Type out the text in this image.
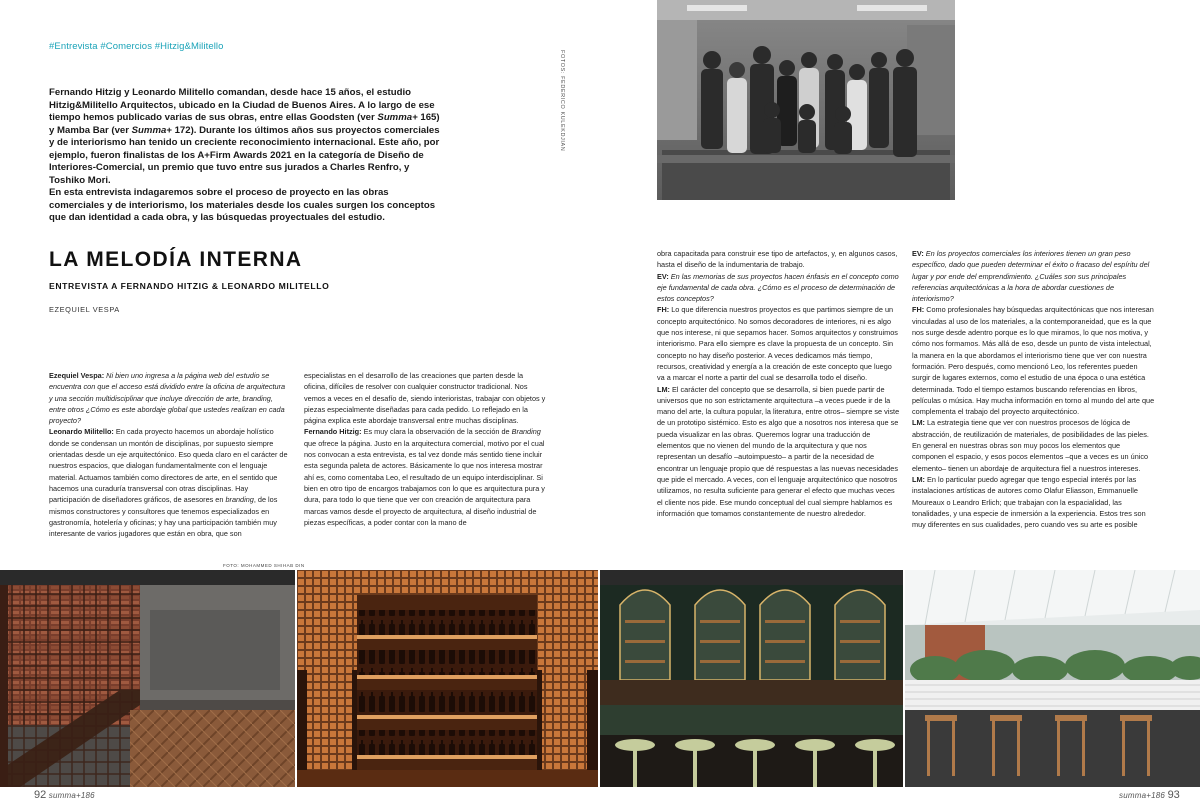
#Entrevista #Comercios #Hitzig&Militello

Fernando Hitzig y Leonardo Militello comandan, desde hace 15 años, el estudio Hitzig&Militello Arquitectos, ubicado en la Ciudad de Buenos Aires. A lo largo de ese tiempo hemos publicado varias de sus obras, entre ellas Goodsten (ver Summa+ 165) y Mamba Bar (ver Summa+ 172). Durante los últimos años sus proyectos comerciales y de interiorismo han tenido un creciente reconocimiento internacional. Este año, por ejemplo, fueron finalistas de los A+Firm Awards 2021 en la categoría de Diseño de Interiores-Comercial, un premio que tuvo entre sus jurados a Charles Renfro, y Toshiko Mori.

En esta entrevista indagaremos sobre el proceso de proyecto en las obras comerciales y de interiorismo, los materiales desde los cuales surgen los conceptos que dan identidad a cada obra, y las búsquedas proyectuales del estudio.

FOTOS: FEDERICO KULEKDJIAN
LA MELODÍA INTERNA
ENTREVISTA A FERNANDO HITZIG & LEONARDO MILITELLO
EZEQUIEL VESPA

Ezequiel Vespa: Ni bien uno ingresa a la página web del estudio se encuentra con que el acceso está dividido entre la oficina de arquitectura y una sección multidisciplinar que incluye dirección de arte, branding, entre otros ¿Cómo es este abordaje global que ustedes realizan en cada proyecto?

Leonardo Militello: En cada proyecto hacemos un abordaje holístico donde se condensan un montón de disciplinas, por supuesto siempre orientadas desde un eje arquitectónico. Eso queda claro en el carácter de nuestros espacios, que dialogan fundamentalmente con el lenguaje material. Actuamos también como directores de arte, en el sentido que hacemos una curaduría transversal con otras disciplinas. Hay participación de diseñadores gráficos, de asesores en branding, de los mismos constructores y consultores que tenemos especializados en gastronomía, hotelería y oficinas; y hay una participación también muy interesante de varios jugadores que están en obra, que son

especialistas en el desarrollo de las creaciones que parten desde la oficina, difíciles de resolver con cualquier constructor tradicional. Nos vemos a veces en el desafío de, siendo interioristas, trabajar con objetos y piezas especialmente diseñadas para cada pedido. Lo reflejado en la página explica este abordaje transversal entre muchas disciplinas.

Fernando Hitzig: Es muy clara la observación de la sección de Branding que ofrece la página. Justo en la arquitectura comercial, motivo por el cual nos convocan a esta entrevista, es tal vez donde más sentido tiene incluir esta segunda paleta de actores. Básicamente lo que nos interesa mostrar ahí es, como comentaba Leo, el resultado de un equipo interdisciplinar. Si bien en otro tipo de encargos trabajamos con lo que es arquitectura pura y dura, para todo lo que tiene que ver con creación de arquitectura para marcas vamos desde el proyecto de arquitectura, al diseño industrial de piezas específicas, a poder contar con la mano de

obra capacitada para construir ese tipo de artefactos, y, en algunos casos, hasta el diseño de la indumentaria de trabajo.

EV: En las memorias de sus proyectos hacen énfasis en el concepto como eje fundamental de cada obra. ¿Cómo es el proceso de determinación de estos conceptos?

FH: Lo que diferencia nuestros proyectos es que partimos siempre de un concepto arquitectónico. No somos decoradores de interiores, ni es algo que nos interese, ni que sepamos hacer. Somos arquitectos y construimos interiorismo. Para ello siempre es clave la propuesta de un concepto. Sin concepto no hay diseño posterior. A veces dedicamos más tiempo, recursos, creatividad y energía a la creación de este concepto que luego va a marcar el norte a partir del cual se desarrolla todo el diseño.

LM: El carácter del concepto que se desarrolla, si bien puede partir de universos que no son estrictamente arquitectura –a veces puede ir de la mano del arte, la cultura popular, la literatura, entre otros– siempre se viste de un prototipo sistémico. Esto es algo que a nosotros nos interesa que se pueda visualizar en las obras. Queremos lograr una traducción de elementos que no vienen del mundo de la arquitectura y que nos representan un desafío –autoimpuesto– a partir de la necesidad de encontrar un lenguaje propio que dé respuestas a las nuevas necesidades que pide el mercado. A veces, con el lenguaje arquitectónico que nosotros utilizamos, no resulta suficiente para generar el efecto que muchas veces el cliente nos pide. Ese mundo conceptual del cual siempre hablamos es información que tomamos constantemente de nuestro alrededor.

EV: En los proyectos comerciales los interiores tienen un gran peso específico, dado que pueden determinar el éxito o fracaso del espíritu del lugar y por ende del emprendimiento. ¿Cuáles son sus principales referencias arquitectónicas a la hora de abordar cuestiones de interiorismo?

FH: Como profesionales hay búsquedas arquitectónicas que nos interesan vinculadas al uso de los materiales, a la contemporaneidad, que es la que nos surge desde adentro porque es lo que miramos, lo que nos motiva, y cómo nos formamos. Más allá de eso, desde un punto de vista intelectual, la manera en la que abordamos el interiorismo tiene que ver con nuestra formación. Pero después, como mencionó Leo, los referentes pueden surgir de lugares externos, como el estudio de una época o una estética determinada. Todo el tiempo estamos buscando referencias en libros, películas o música. Hay mucha información en torno al mundo del arte que complementa el trabajo del proyecto arquitectónico.

LM: La estrategia tiene que ver con nuestros procesos de lógica de abstracción, de reutilización de materiales, de posibilidades de las pieles. En general en nuestras obras son muy pocos los elementos que componen el espacio, y esos pocos elementos –que a veces es un único elemento– tienen un abordaje de arquitectura fiel a nuestros intereses.

LM: En lo particular puedo agregar que tengo especial interés por las instalaciones artísticas de autores como Olafur Eliasson, Emmanuelle Moureaux o Leandro Erlich; que trabajan con la espacialidad, las tonalidades, y una especie de inmersión a la experiencia. Estos tres son muy diferentes en sus cualidades, pero cuando ves su arte es posible

FOTO: MOHAMMED SHIHAB DIN
92 summa+186	summa+186 93
